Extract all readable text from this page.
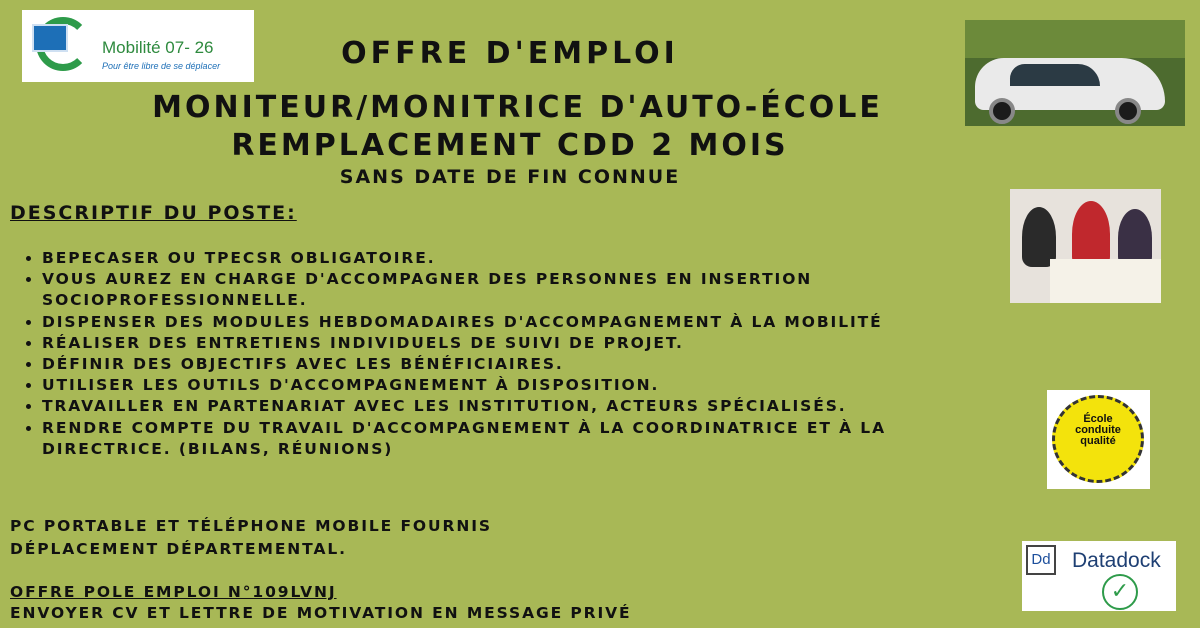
Mobilité 07- 26
Pour être libre de se déplacer	OFFRE D'EMPLOI
MONITEUR/MONITRICE D'AUTO-ÉCOLE
REMPLACEMENT CDD 2 MOIS
SANS DATE DE FIN CONNUE
DESCRIPTIF DU POSTE:
• BEPECASER OU TPECSR OBLIGATOIRE.
• VOUS AUREZ EN CHARGE D'ACCOMPAGNER DES PERSONNES EN INSERTION SOCIOPROFESSIONNELLE.
• DISPENSER DES MODULES HEBDOMADAIRES D'ACCOMPAGNEMENT À LA MOBILITÉ
• RÉALISER DES ENTRETIENS INDIVIDUELS DE SUIVI DE PROJET.
• DÉFINIR DES OBJECTIFS AVEC LES BÉNÉFICIAIRES.
• UTILISER LES OUTILS D'ACCOMPAGNEMENT À DISPOSITION.
• TRAVAILLER EN PARTENARIAT AVEC LES INSTITUTION, ACTEURS SPÉCIALISÉS.
• RENDRE COMPTE DU TRAVAIL D'ACCOMPAGNEMENT À LA COORDINATRICE ET À LA DIRECTRICE. (BILANS, RÉUNIONS)
PC PORTABLE ET TÉLÉPHONE MOBILE FOURNIS
DÉPLACEMENT DÉPARTEMENTAL.
OFFRE POLE EMPLOI N°109LVNJ
ENVOYER CV ET LETTRE DE MOTIVATION EN MESSAGE PRIVÉ
École
conduite
qualité
Dd Datadock
✓
